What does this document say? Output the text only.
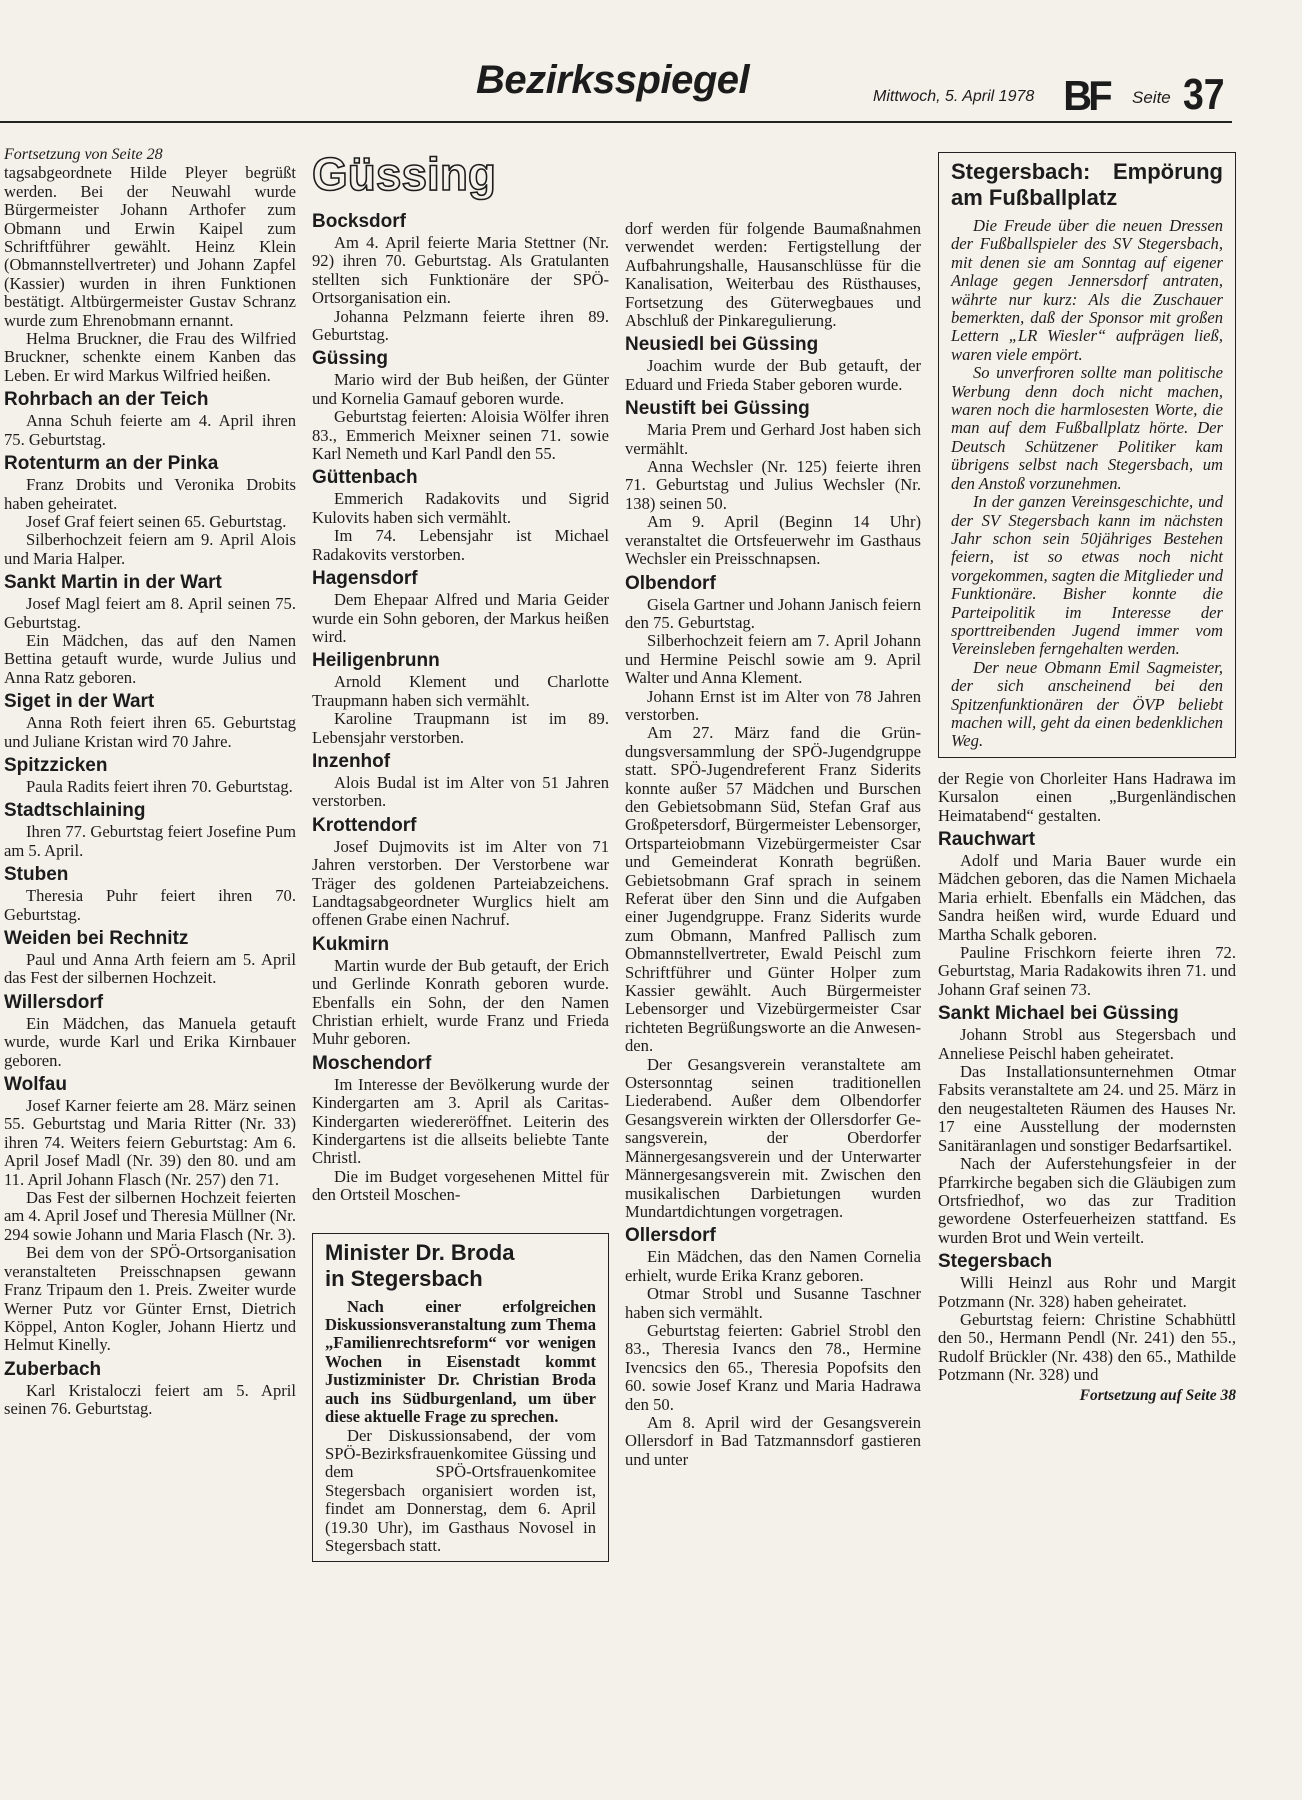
Bezirksspiegel	Mittwoch, 5. April 1978 BF Seite 37

Fortsetzung von Seite 28

tagsabgeordnete Hilde Pleyer begrüßt werden. Bei der Neuwahl wurde Bürgermeister Johann Arthofer zum Obmann und Erwin Kaipel zum Schriftführer gewählt. Heinz Klein (Obmannstellvertreter) und Johann Zapfel (Kassier) wurden in ihren Funktionen bestätigt. Altbürgermeister Gustav Schranz wurde zum Ehrenobmann ernannt.

Helma Bruckner, die Frau des Wilfried Bruckner, schenkte einem Kanben das Leben. Er wird Markus Wilfried heißen.

Rohrbach an der Teich

Anna Schuh feierte am 4. April ihren 75. Geburtstag.

Rotenturm an der Pinka

Franz Drobits und Veronika Drobits haben geheiratet.

Josef Graf feiert seinen 65. Geburtstag.

Silberhochzeit feiern am 9. April Alois und Maria Halper.

Sankt Martin in der Wart

Josef Magl feiert am 8. April seinen 75. Geburtstag.

Ein Mädchen, das auf den Namen Bettina getauft wurde, wurde Julius und Anna Ratz geboren.

Siget in der Wart

Anna Roth feiert ihren 65. Geburtstag und Juliane Kristan wird 70 Jahre.

Spitzzicken

Paula Radits feiert ihren 70. Geburtstag.

Stadtschlaining

Ihren 77. Geburtstag feiert Josefine Pum am 5. April.

Stuben

Theresia Puhr feiert ihren 70. Geburtstag.

Weiden bei Rechnitz

Paul und Anna Arth feiern am 5. April das Fest der silbernen Hochzeit.

Willersdorf

Ein Mädchen, das Manuela getauft wurde, wurde Karl und Erika Kirnbauer geboren.

Wolfau

Josef Karner feierte am 28. März seinen 55. Geburtstag und Maria Ritter (Nr. 33) ihren 74. Weiters feiern Geburtstag: Am 6. April Josef Madl (Nr. 39) den 80. und am 11. April Johann Flasch (Nr. 257) den 71.

Das Fest der silbernen Hochzeit feierten am 4. April Josef und Theresia Müllner (Nr. 294 sowie Johann und Maria Flasch (Nr. 3).

Bei dem von der SPÖ-Ortsorganisation veranstalteten Preisschnapsen gewann Franz Tripaum den 1. Preis. Zweiter wurde Werner Putz vor Günter Ernst, Dietrich Köppel, Anton Kogler, Johann Hiertz und Helmut Kinelly.

Zuberbach

Karl Kristaloczi feiert am 5. April seinen 76. Geburtstag.

Güssing
Bocksdorf

Am 4. April feierte Maria Stettner (Nr. 92) ihren 70. Geburtstag. Als Gratulanten stellten sich Funktionäre der SPÖ-Ortsorganisation ein.

Johanna Pelzmann feierte ihren 89. Geburtstag.

Güssing

Mario wird der Bub heißen, der Günter und Kornelia Gamauf geboren wurde.

Geburtstag feierten: Aloisia Wölfer ihren 83., Emmerich Meixner seinen 71. sowie Karl Nemeth und Karl Pandl den 55.

Güttenbach

Emmerich Radakovits und Sigrid Kulovits haben sich vermählt.

Im 74. Lebensjahr ist Michael Radakovits verstorben.

Hagensdorf

Dem Ehepaar Alfred und Maria Geider wurde ein Sohn geboren, der Markus heißen wird.

Heiligenbrunn

Arnold Klement und Charlotte Traupmann haben sich vermählt.

Karoline Traupmann ist im 89. Lebensjahr verstorben.

Inzenhof

Alois Budal ist im Alter von 51 Jahren verstorben.

Krottendorf

Josef Dujmovits ist im Alter von 71 Jahren verstorben. Der Verstorbene war Träger des goldenen Parteiabzeichens. Landtagsabgeordneter Wurglics hielt am offenen Grabe einen Nachruf.

Kukmirn

Martin wurde der Bub getauft, der Erich und Gerlinde Konrath geboren wurde. Ebenfalls ein Sohn, der den Namen Christian erhielt, wurde Franz und Frieda Muhr geboren.

Moschendorf

Im Interesse der Bevölkerung wurde der Kindergarten am 3. April als Caritas-Kindergarten wiedereröffnet. Leiterin des Kindergartens ist die allseits beliebte Tante Christl.

Die im Budget vorgesehenen Mittel für den Ortsteil Moschen-

Minister Dr. Broda
in Stegersbach

Nach einer erfolgreichen Diskussionsveranstaltung zum Thema „Familienrechtsreform“ vor wenigen Wochen in Eisenstadt kommt Justizminister Dr. Christian Broda auch ins Südburgenland, um über diese aktuelle Frage zu sprechen.

Der Diskussionsabend, der vom SPÖ-Bezirksfrauenkomitee Güssing und dem SPÖ-Ortsfrauenkomitee Stegersbach organisiert worden ist, findet am Donnerstag, dem 6. April (19.30 Uhr), im Gasthaus Novosel in Stegersbach statt.

dorf werden für folgende Baumaßnahmen verwendet werden: Fertigstellung der Aufbahrungshalle, Hausanschlüsse für die Kanalisation, Weiterbau des Rüsthauses, Fortsetzung des Güterwegbaues und Abschluß der Pinkaregulierung.

Neusiedl bei Güssing

Joachim wurde der Bub getauft, der Eduard und Frieda Staber geboren wurde.

Neustift bei Güssing

Maria Prem und Gerhard Jost haben sich vermählt.

Anna Wechsler (Nr. 125) feierte ihren 71. Geburtstag und Julius Wechsler (Nr. 138) seinen 50.

Am 9. April (Beginn 14 Uhr) veranstaltet die Ortsfeuerwehr im Gasthaus Wechsler ein Preisschnapsen.

Olbendorf

Gisela Gartner und Johann Janisch feiern den 75. Geburtstag.

Silberhochzeit feiern am 7. April Johann und Hermine Peischl sowie am 9. April Walter und Anna Klement.

Johann Ernst ist im Alter von 78 Jahren verstorben.

Am 27. März fand die Gründungsversammlung der SPÖ-Jugendgruppe statt. SPÖ-Jugendreferent Franz Siderits konnte außer 57 Mädchen und Burschen den Gebietsobmann Süd, Stefan Graf aus Großpetersdorf, Bürgermeister Lebensorger, Ortsparteiobmann Vizebürgermeister Csar und Gemeinderat Konrath begrüßen. Gebietsobmann Graf sprach in seinem Referat über den Sinn und die Aufgaben einer Jugendgruppe. Franz Siderits wurde zum Obmann, Manfred Pallisch zum Obmannstellvertreter, Ewald Peischl zum Schriftführer und Günter Holper zum Kassier gewählt. Auch Bürgermeister Lebensorger und Vizebürgermeister Csar richteten Begrüßungsworte an die Anwesenden.

Der Gesangsverein veranstaltete am Ostersonntag seinen traditionellen Liederabend. Außer dem Olbendorfer Gesangsverein wirkten der Ollersdorfer Gesangsverein, der Oberdorfer Männergesangsverein und der Unterwarter Männergesangsverein mit. Zwischen den musikalischen Darbietungen wurden Mundartdichtungen vorgetragen.

Ollersdorf

Ein Mädchen, das den Namen Cornelia erhielt, wurde Erika Kranz geboren.

Otmar Strobl und Susanne Taschner haben sich vermählt.

Geburtstag feierten: Gabriel Strobl den 83., Theresia Ivancs den 78., Hermine Ivencsics den 65., Theresia Popofsits den 60. sowie Josef Kranz und Maria Hadrawa den 50.

Am 8. April wird der Gesangsverein Ollersdorf in Bad Tatzmannsdorf gastieren und unter

Stegersbach: Empörung am Fußballplatz

Die Freude über die neuen Dressen der Fußballspieler des SV Stegersbach, mit denen sie am Sonntag auf eigener Anlage gegen Jennersdorf antraten, währte nur kurz: Als die Zuschauer bemerkten, daß der Sponsor mit großen Lettern „LR Wiesler“ aufprägen ließ, waren viele empört.

So unverfroren sollte man politische Werbung denn doch nicht machen, waren noch die harmlosesten Worte, die man auf dem Fußballplatz hörte. Der Deutsch Schützener Politiker kam übrigens selbst nach Stegersbach, um den Anstoß vorzunehmen.

In der ganzen Vereinsgeschichte, und der SV Stegersbach kann im nächsten Jahr schon sein 50jähriges Bestehen feiern, ist so etwas noch nicht vorgekommen, sagten die Mitglieder und Funktionäre. Bisher konnte die Parteipolitik im Interesse der sporttreibenden Jugend immer vom Vereinsleben ferngehalten werden.

Der neue Obmann Emil Sagmeister, der sich anscheinend bei den Spitzenfunktionären der ÖVP beliebt machen will, geht da einen bedenklichen Weg.

der Regie von Chorleiter Hans Hadrawa im Kursalon einen „Burgenländischen Heimatabend“ gestalten.

Rauchwart

Adolf und Maria Bauer wurde ein Mädchen geboren, das die Namen Michaela Maria erhielt. Ebenfalls ein Mädchen, das Sandra heißen wird, wurde Eduard und Martha Schalk geboren.

Pauline Frischkorn feierte ihren 72. Geburtstag, Maria Radakowits ihren 71. und Johann Graf seinen 73.

Sankt Michael bei Güssing

Johann Strobl aus Stegersbach und Anneliese Peischl haben geheiratet.

Das Installationsunternehmen Otmar Fabsits veranstaltete am 24. und 25. März in den neugestalteten Räumen des Hauses Nr. 17 eine Ausstellung der modernsten Sanitäranlagen und sonstiger Bedarfsartikel.

Nach der Auferstehungsfeier in der Pfarrkirche begaben sich die Gläubigen zum Ortsfriedhof, wo das zur Tradition gewordene Osterfeuerheizen stattfand. Es wurden Brot und Wein verteilt.

Stegersbach

Willi Heinzl aus Rohr und Margit Potzmann (Nr. 328) haben geheiratet.

Geburtstag feiern: Christine Schabhüttl den 50., Hermann Pendl (Nr. 241) den 55., Rudolf Brückler (Nr. 438) den 65., Mathilde Potzmann (Nr. 328) und

Fortsetzung auf Seite 38
